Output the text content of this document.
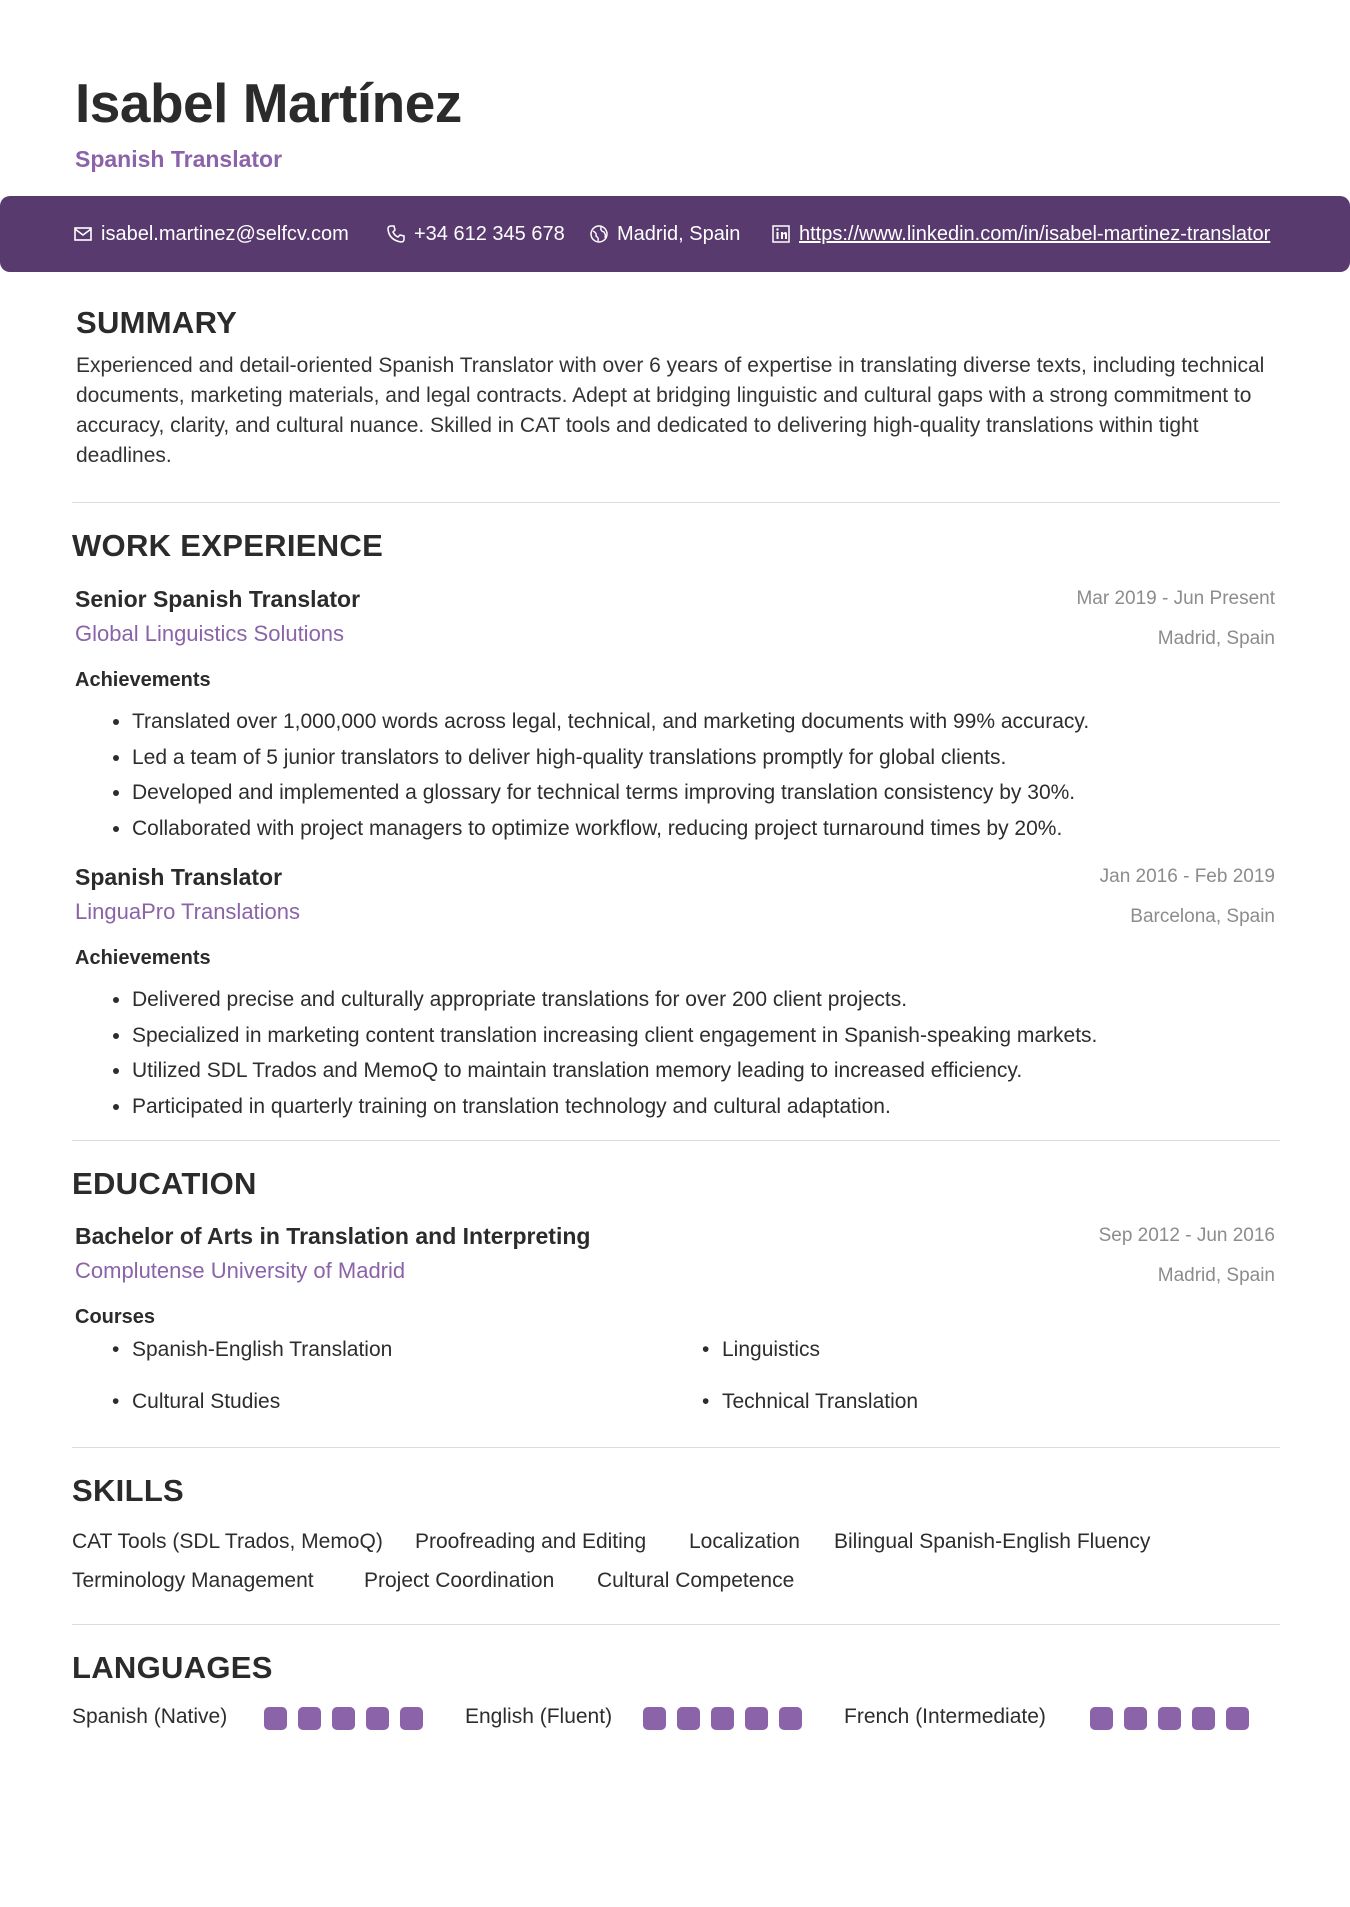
Isabel Martínez
Spanish Translator
isabel.martinez@selfcv.com	+34 612 345 678	Madrid, Spain	https://www.linkedin.com/in/isabel-martinez-translator
SUMMARY
Experienced and detail-oriented Spanish Translator with over 6 years of expertise in translating diverse texts, including technical documents, marketing materials, and legal contracts. Adept at bridging linguistic and cultural gaps with a strong commitment to accuracy, clarity, and cultural nuance. Skilled in CAT tools and dedicated to delivering high-quality translations within tight deadlines.
WORK EXPERIENCE
Senior Spanish Translator
Global Linguistics Solutions
Mar 2019 - Jun Present
Madrid, Spain
Achievements
• Translated over 1,000,000 words across legal, technical, and marketing documents with 99% accuracy.
• Led a team of 5 junior translators to deliver high-quality translations promptly for global clients.
• Developed and implemented a glossary for technical terms improving translation consistency by 30%.
• Collaborated with project managers to optimize workflow, reducing project turnaround times by 20%.
Spanish Translator
LinguaPro Translations
Jan 2016 - Feb 2019
Barcelona, Spain
Achievements
• Delivered precise and culturally appropriate translations for over 200 client projects.
• Specialized in marketing content translation increasing client engagement in Spanish-speaking markets.
• Utilized SDL Trados and MemoQ to maintain translation memory leading to increased efficiency.
• Participated in quarterly training on translation technology and cultural adaptation.
EDUCATION
Bachelor of Arts in Translation and Interpreting
Complutense University of Madrid
Sep 2012 - Jun 2016
Madrid, Spain
Courses
• Spanish-English Translation	• Linguistics
• Cultural Studies	• Technical Translation
SKILLS
CAT Tools (SDL Trados, MemoQ) Proofreading and Editing Localization Bilingual Spanish-English Fluency
Terminology Management Project Coordination Cultural Competence
LANGUAGES
Spanish (Native)	English (Fluent)	French (Intermediate)
